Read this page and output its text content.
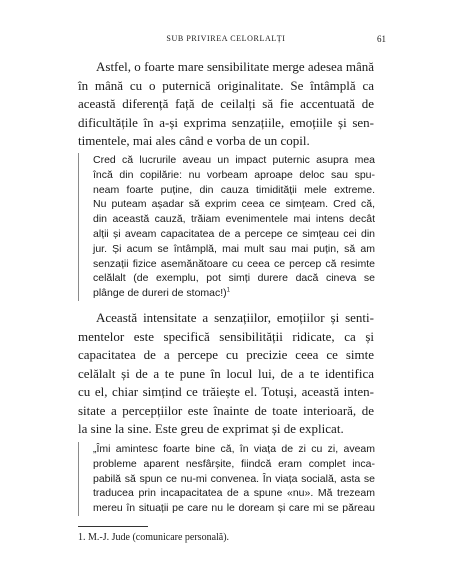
SUB PRIVIREA CELORLALȚI	61

Astfel, o foarte mare sensibilitate merge adesea mână
în mână cu o puternică originalitate. Se întâmplă ca
această diferență față de ceilalți să fie accentuată de
dificultățile în a-și exprima senzațiile, emoțiile și sen-
timentele, mai ales când e vorba de un copil.

Cred că lucrurile aveau un impact puternic asupra mea
încă din copilărie: nu vorbeam aproape deloc sau spu-
neam foarte puține, din cauza timidității mele extreme.
Nu puteam așadar să exprim ceea ce simțeam. Cred că,
din această cauză, trăiam evenimentele mai intens decât
alții și aveam capacitatea de a percepe ce simțeau cei din
jur. Și acum se întâmplă, mai mult sau mai puțin, să am
senzații fizice asemănătoare cu ceea ce percep că resimte
celălalt (de exemplu, pot simți durere dacă cineva se
plânge de dureri de stomac!)$^1$

Această intensitate a senzațiilor, emoțiilor și senti-
mentelor este specifică sensibilității ridicate, ca și
capacitatea de a percepe cu precizie ceea ce simte
celălalt și de a te pune în locul lui, de a te identifica
cu el, chiar simțind ce trăiește el. Totuși, această inten-
sitate a percepțiilor este înainte de toate interioară, de
la sine la sine. Este greu de exprimat și de explicat.

„Îmi amintesc foarte bine că, în viața de zi cu zi, aveam
probleme aparent nesfârșite, fiindcă eram complet inca-
pabilă să spun ce nu-mi convenea. În viața socială, asta se
traducea prin incapacitatea de a spune «nu». Mă trezeam
mereu în situații pe care nu le doream și care mi se păreau
1. M.-J. Jude (comunicare personală).
